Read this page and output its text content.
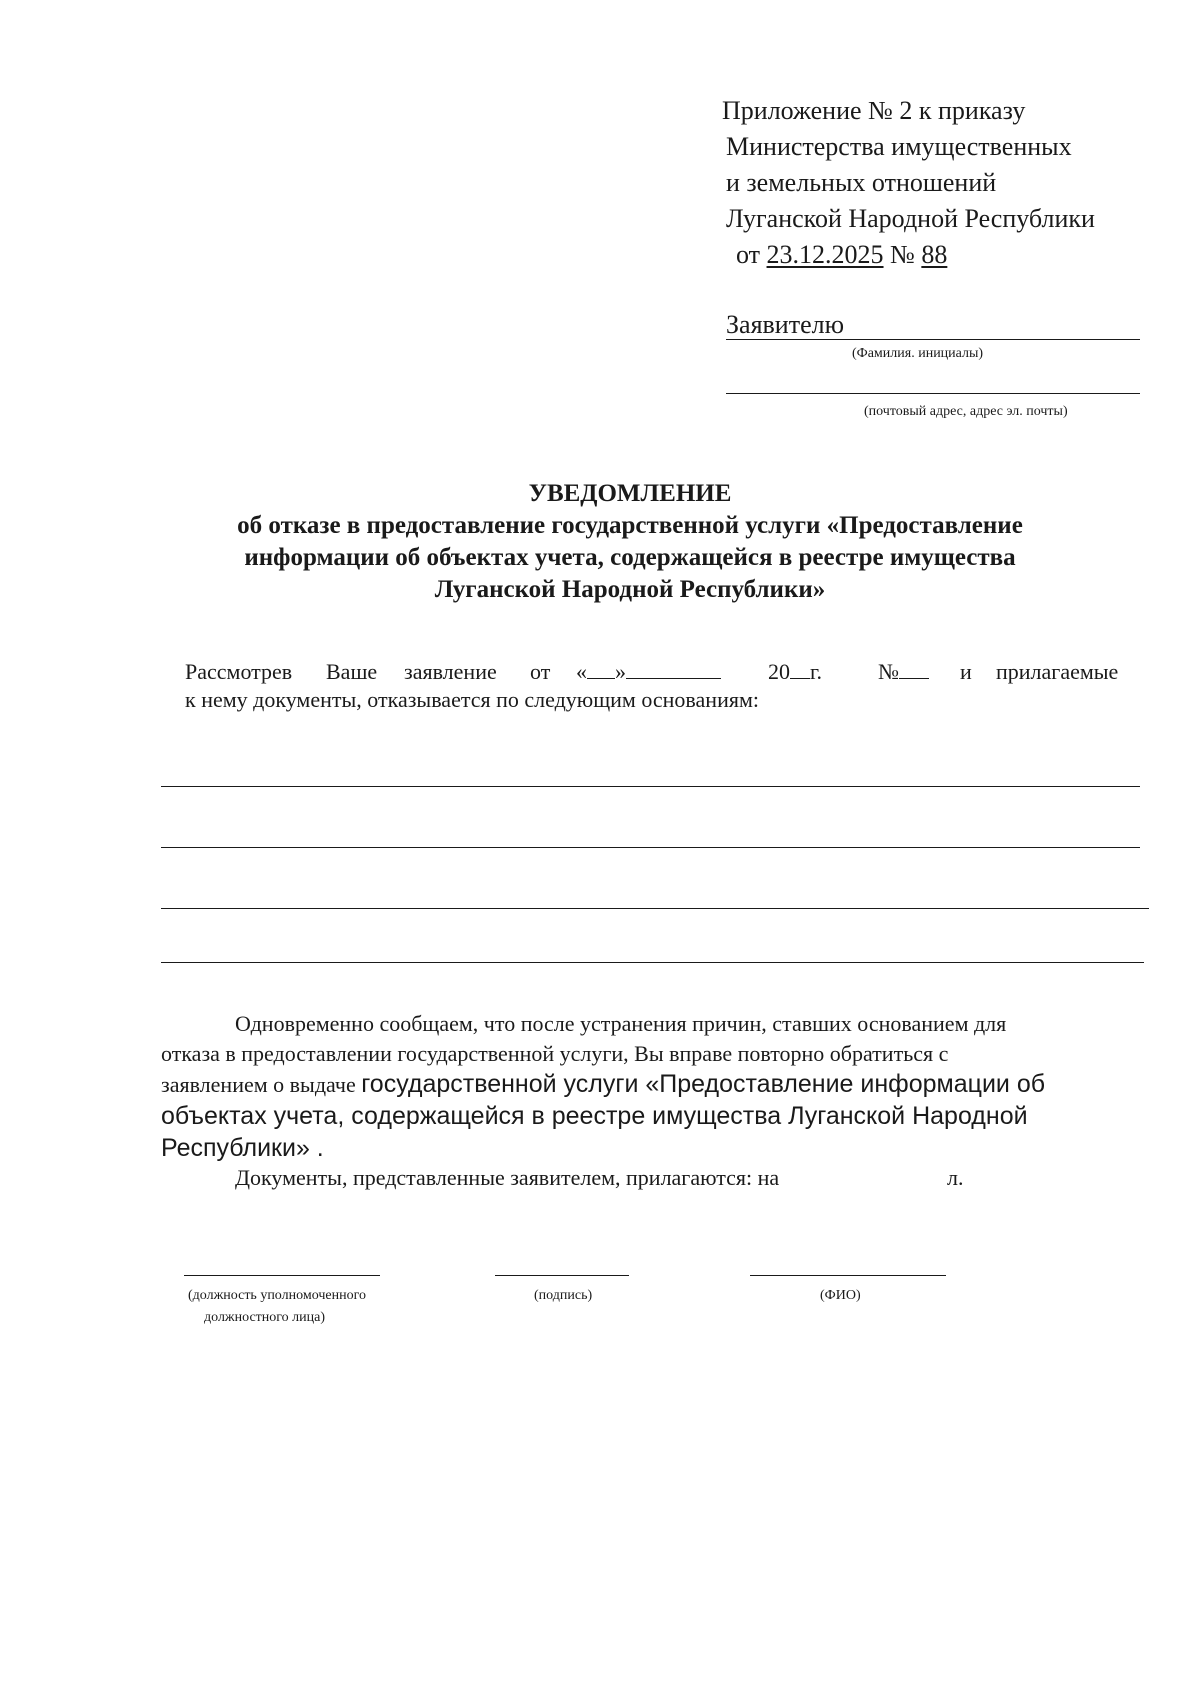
Приложение № 2 к приказу
Министерства имущественных
и земельных отношений
Луганской Народной Республики
от 23.12.2025 № 88
Заявителю
(Фамилия. инициалы)
(почтовый адрес, адрес эл. почты)
УВЕДОМЛЕНИЕ
об отказе в предоставление государственной услуги «Предоставление
информации об объектах учета, содержащейся в реестре имущества
Луганской Народной Республики»
Рассмотрев Ваше заявление от « »	20 г.	№	и прилагаемые
к нему документы, отказывается по следующим основаниям:
Одновременно сообщаем, что после устранения причин, ставших основанием для
отказа в предоставлении государственной услуги, Вы вправе повторно обратиться с
заявлением о выдаче государственной услуги «Предоставление информации об
объектах учета, содержащейся в реестре имущества Луганской Народной
Республики» .
Документы, представленные заявителем, прилагаются: на	л.
(должность уполномоченного
должностного лица)
(подпись)	(ФИО)
